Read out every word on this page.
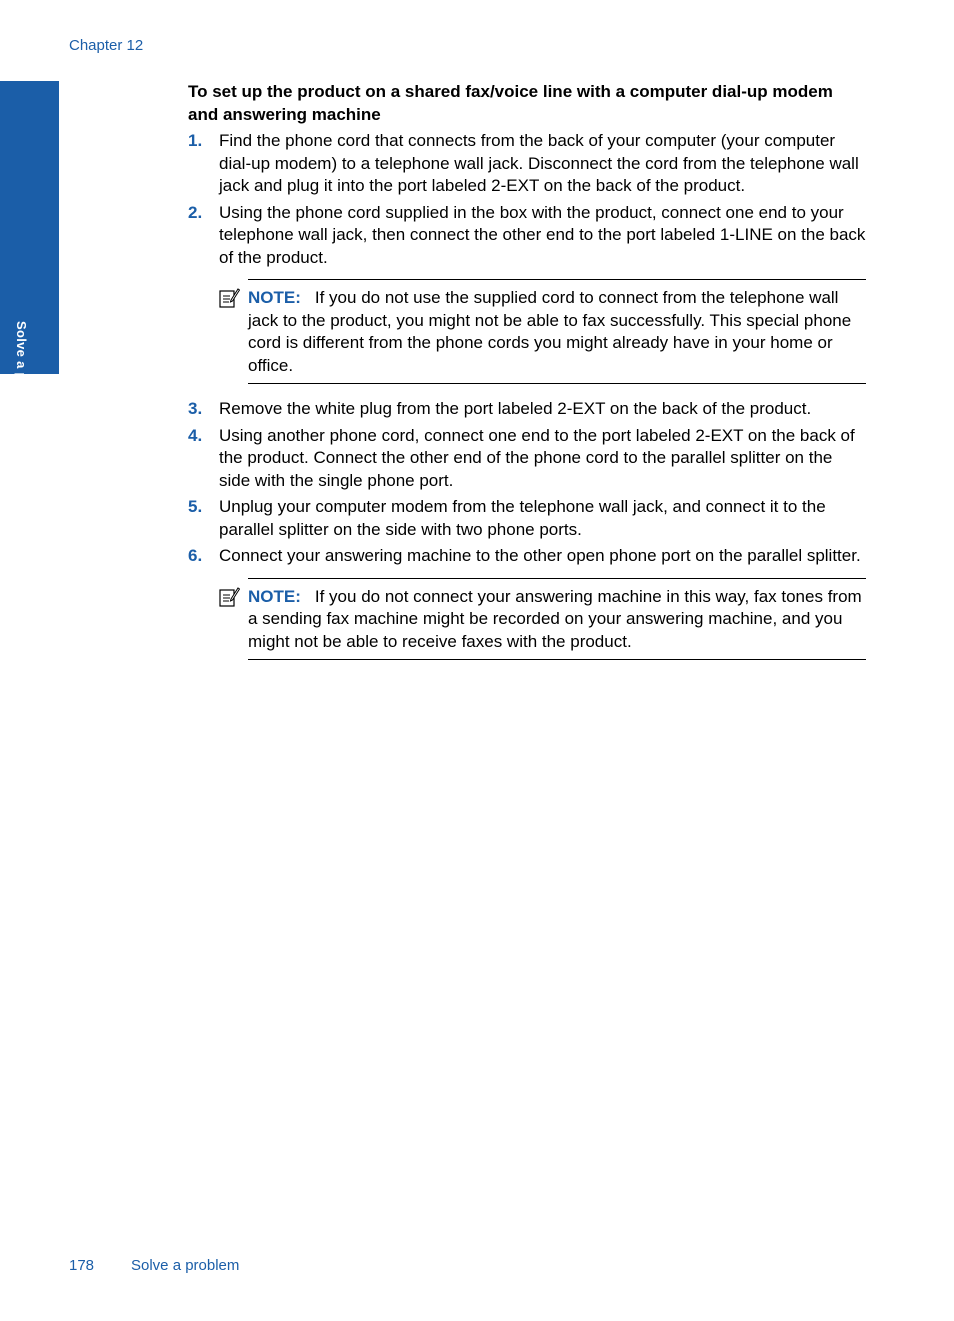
Chapter 12
Solve a problem
To set up the product on a shared fax/voice line with a computer dial-up modem and answering machine
1. Find the phone cord that connects from the back of your computer (your computer dial-up modem) to a telephone wall jack. Disconnect the cord from the telephone wall jack and plug it into the port labeled 2-EXT on the back of the product.
2. Using the phone cord supplied in the box with the product, connect one end to your telephone wall jack, then connect the other end to the port labeled 1-LINE on the back of the product.
NOTE: If you do not use the supplied cord to connect from the telephone wall jack to the product, you might not be able to fax successfully. This special phone cord is different from the phone cords you might already have in your home or office.
3. Remove the white plug from the port labeled 2-EXT on the back of the product.
4. Using another phone cord, connect one end to the port labeled 2-EXT on the back of the product. Connect the other end of the phone cord to the parallel splitter on the side with the single phone port.
5. Unplug your computer modem from the telephone wall jack, and connect it to the parallel splitter on the side with two phone ports.
6. Connect your answering machine to the other open phone port on the parallel splitter.
NOTE: If you do not connect your answering machine in this way, fax tones from a sending fax machine might be recorded on your answering machine, and you might not be able to receive faxes with the product.
178 Solve a problem
